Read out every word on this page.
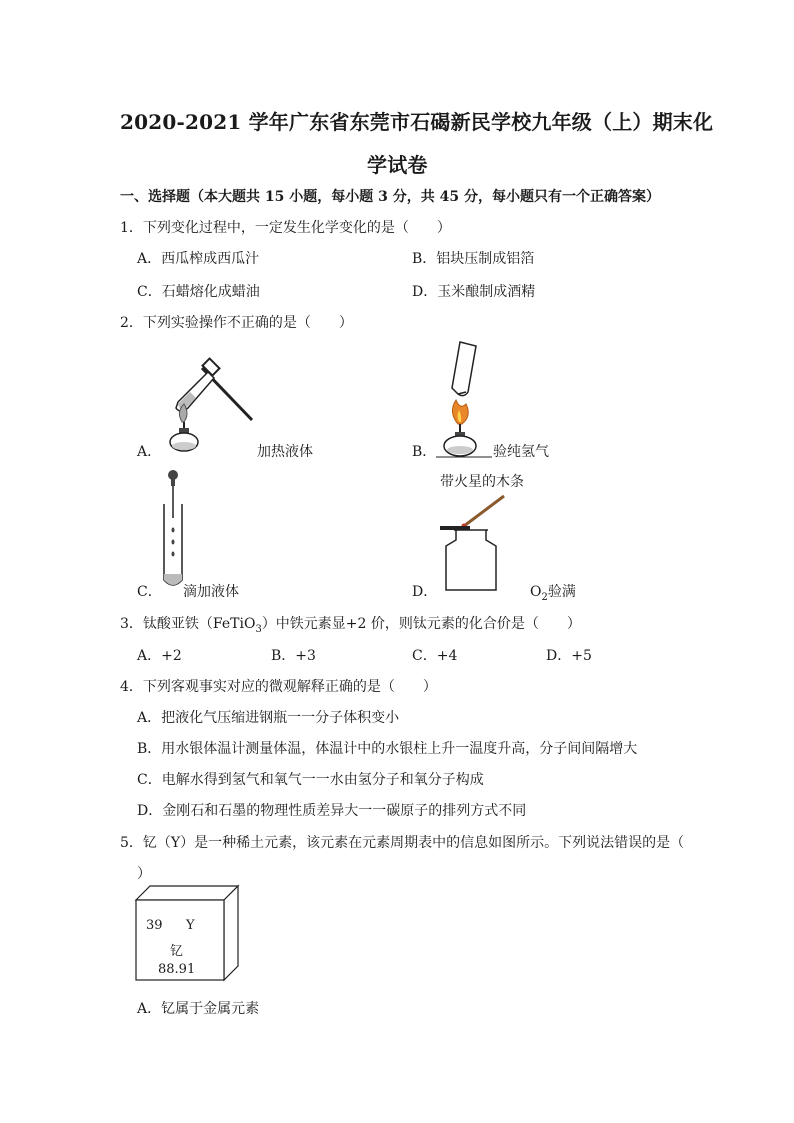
2020-2021 学年广东省东莞市石碣新民学校九年级（上）期末化
学试卷
一、选择题（本大题共 15 小题，每小题 3 分，共 45 分，每小题只有一个正确答案）
1．下列变化过程中，一定发生化学变化的是（　　）
A．西瓜榨成西瓜汁	B．铝块压制成铝箔
C．石蜡熔化成蜡油	D．玉米酿制成酒精
2．下列实验操作不正确的是（　　）
A．	加热液体	B．	验纯氢气
C． 滴加液体
带火星的木条
D．	$O_2$验满
3．钛酸亚铁（FeTiO$_3$）中铁元素显+2 价，则钛元素的化合价是（　　）
A．+2	B．+3	C．+4	D．+5
4．下列客观事实对应的微观解释正确的是（　　）
A．把液化气压缩进钢瓶一一分子体积变小
B．用水银体温计测量体温，体温计中的水银柱上升一温度升高，分子间间隔增大
C．电解水得到氢气和氧气一一水由氢分子和氧分子构成
D．金刚石和石墨的物理性质差异大一一碳原子的排列方式不同
5．钇（Y）是一种稀土元素，该元素在元素周期表中的信息如图所示。下列说法错误的是（
）
39 Y
钇
88.91
A．钇属于金属元素
